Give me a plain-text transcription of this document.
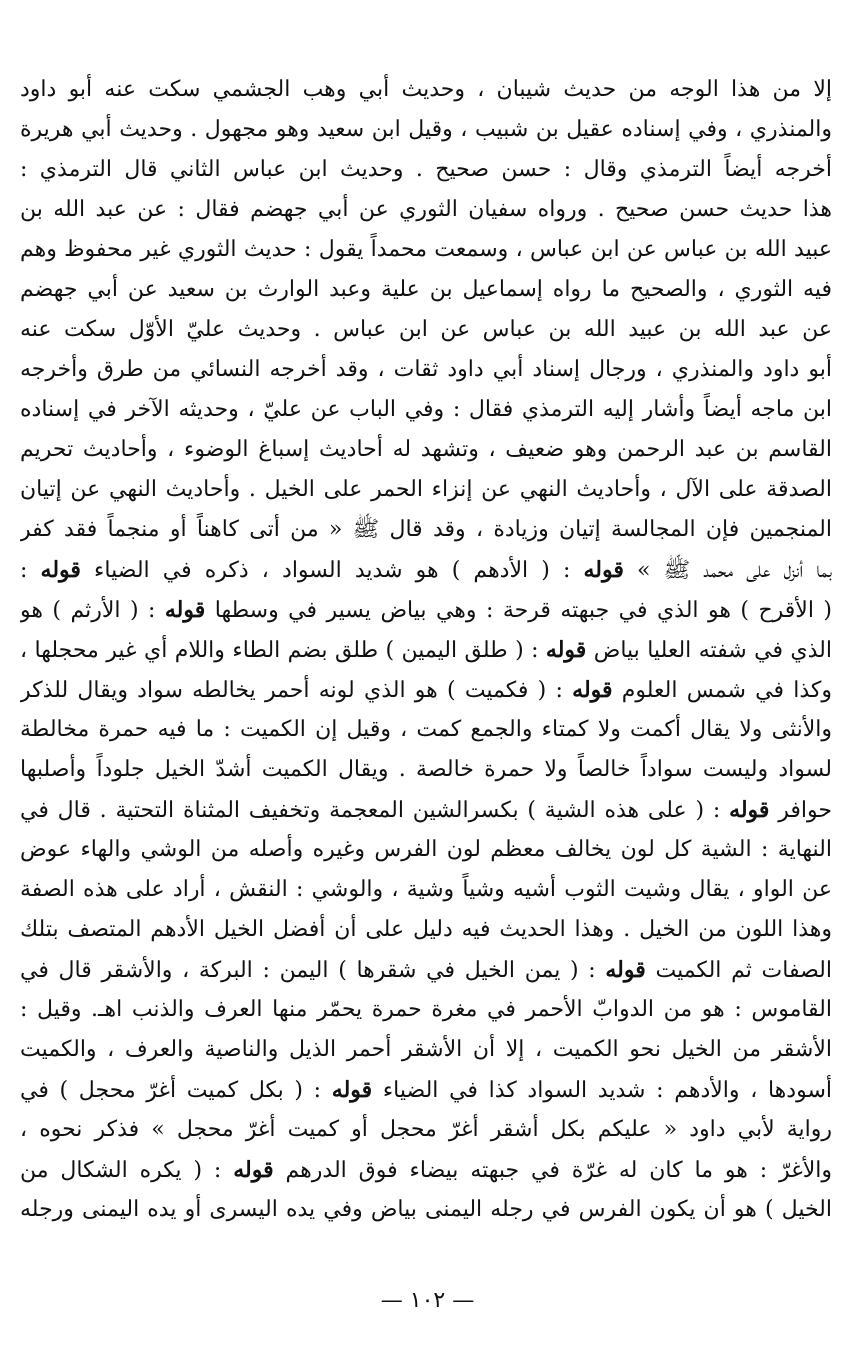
إلا من هذا الوجه من حديث شيبان ، وحديث أبي وهب الجشمي سكت عنه أبو داود
والمنذري ، وفي إسناده عقيل بن شبيب ، وقيل ابن سعيد وهو مجهول . وحديث أبي هريرة
أخرجه أيضاً الترمذي وقال : حسن صحيح . وحديث ابن عباس الثاني قال الترمذي :
هذا حديث حسن صحيح . ورواه سفيان الثوري عن أبي جهضم فقال : عن عبد الله بن
عبيد الله بن عباس عن ابن عباس ، وسمعت محمداً يقول : حديث الثوري غير محفوظ وهم
فيه الثوري ، والصحيح ما رواه إسماعيل بن علية وعبد الوارث بن سعيد عن أبي جهضم
عن عبد الله بن عبيد الله بن عباس عن ابن عباس . وحديث عليّ الأوّل سكت عنه
أبو داود والمنذري ، ورجال إسناد أبي داود ثقات ، وقد أخرجه النسائي من طرق وأخرجه
ابن ماجه أيضاً وأشار إليه الترمذي فقال : وفي الباب عن عليّ ، وحديثه الآخر في إسناده
القاسم بن عبد الرحمن وهو ضعيف ، وتشهد له أحاديث إسباغ الوضوء ، وأحاديث تحريم
الصدقة على الآل ، وأحاديث النهي عن إنزاء الحمر على الخيل . وأحاديث النهي عن إتيان
المنجمين فإن المجالسة إتيان وزيادة ، وقد قال ﷺ « من أتى كاهناً أو منجماً فقد كفر
بما أنزل على محمد ﷺ » قوله : ( الأدهم ) هو شديد السواد ، ذكره في الضياء قوله :
( الأقرح ) هو الذي في جبهته قرحة : وهي بياض يسير في وسطها قوله : ( الأرثم ) هو
الذي في شفته العليا بياض قوله : ( طلق اليمين ) طلق بضم الطاء واللام أي غير محجلها ،
وكذا في شمس العلوم قوله : ( فكميت ) هو الذي لونه أحمر يخالطه سواد ويقال للذكر
والأنثى ولا يقال أكمت ولا كمتاء والجمع كمت ، وقيل إن الكميت : ما فيه حمرة مخالطة
لسواد وليست سواداً خالصاً ولا حمرة خالصة . ويقال الكميت أشدّ الخيل جلوداً وأصلبها
حوافر قوله : ( على هذه الشية ) بكسرالشين المعجمة وتخفيف المثناة التحتية . قال في
النهاية : الشية كل لون يخالف معظم لون الفرس وغيره وأصله من الوشي والهاء عوض
عن الواو ، يقال وشيت الثوب أشيه وشياً وشية ، والوشي : النقش ، أراد على هذه الصفة
وهذا اللون من الخيل . وهذا الحديث فيه دليل على أن أفضل الخيل الأدهم المتصف بتلك
الصفات ثم الكميت قوله : ( يمن الخيل في شقرها ) اليمن : البركة ، والأشقر قال في
القاموس : هو من الدوابّ الأحمر في مغرة حمرة يحمّر منها العرف والذنب اهـ. وقيل :
الأشقر من الخيل نحو الكميت ، إلا أن الأشقر أحمر الذيل والناصية والعرف ، والكميت
أسودها ، والأدهم : شديد السواد كذا في الضياء قوله : ( بكل كميت أغرّ محجل ) في
رواية لأبي داود « عليكم بكل أشقر أغرّ محجل أو كميت أغرّ محجل » فذكر نحوه ،
والأغرّ : هو ما كان له غرّة في جبهته بيضاء فوق الدرهم قوله : ( يكره الشكال من
الخيل ) هو أن يكون الفرس في رجله اليمنى بياض وفي يده اليسرى أو يده اليمنى ورجله
— ١٠٢ —
